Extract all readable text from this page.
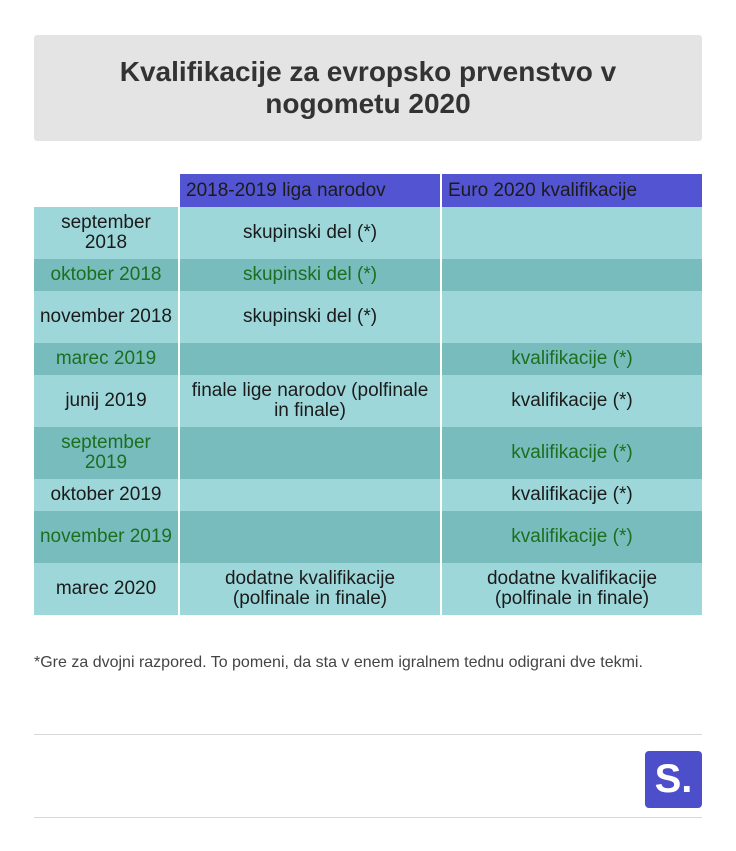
Kvalifikacije za evropsko prvenstvo v nogometu 2020
	2018-2019 liga narodov	Euro 2020 kvalifikacije
september 2018	skupinski del (*)	
oktober 2018	skupinski del (*)	
november 2018	skupinski del (*)	
marec 2019		kvalifikacije (*)
junij 2019	finale lige narodov (polfinale in finale)	kvalifikacije (*)
september 2019		kvalifikacije (*)
oktober 2019		kvalifikacije (*)
november 2019		kvalifikacije (*)
marec 2020	dodatne kvalifikacije (polfinale in finale)	dodatne kvalifikacije (polfinale in finale)

*Gre za dvojni razpored. To pomeni, da sta v enem igralnem tednu odigrani dve tekmi.

S.
